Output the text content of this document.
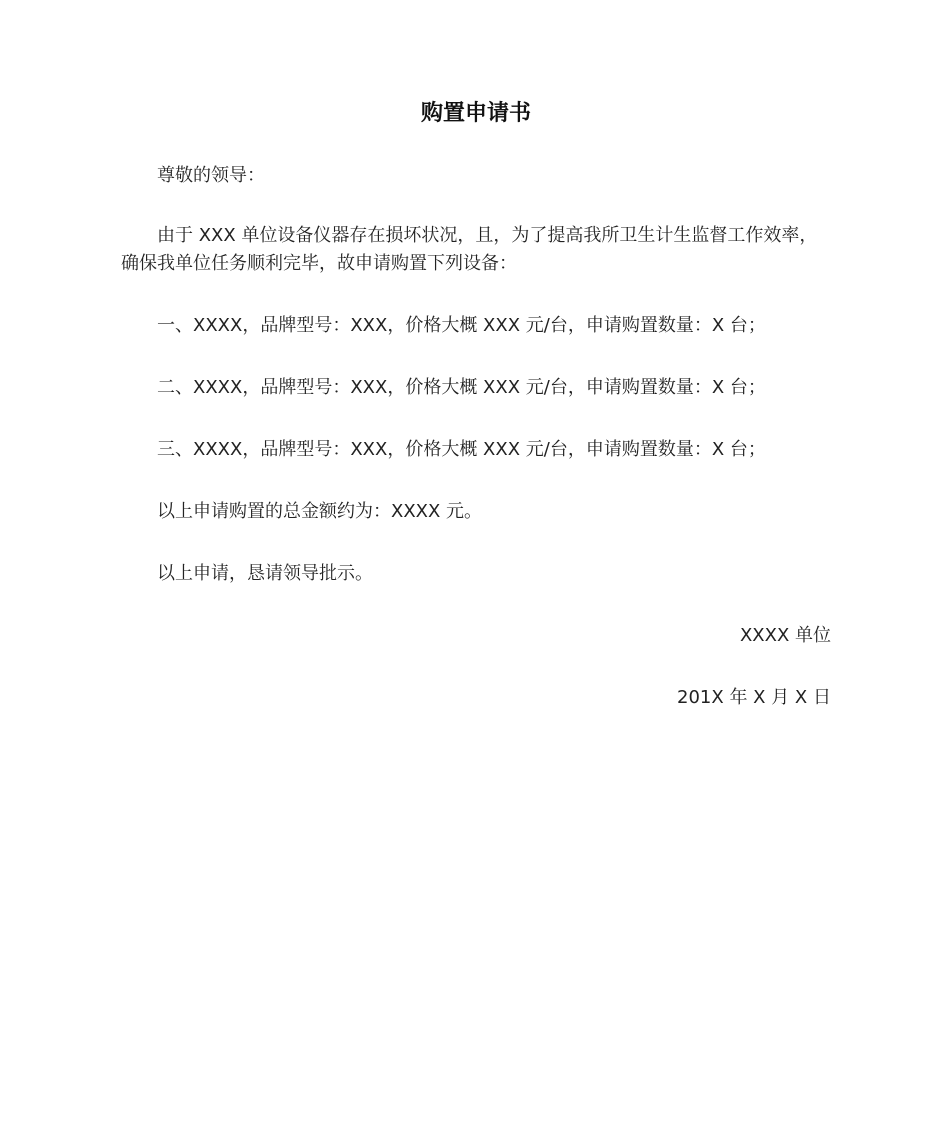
购置申请书
尊敬的领导：
由于 XXX 单位设备仪器存在损坏状况，且，为了提高我所卫生计生监督工作效率，
确保我单位任务顺利完毕，故申请购置下列设备：
一、XXXX，品牌型号：XXX，价格大概 XXX 元/台，申请购置数量：X 台；
二、XXXX，品牌型号：XXX，价格大概 XXX 元/台，申请购置数量：X 台；
三、XXXX，品牌型号：XXX，价格大概 XXX 元/台，申请购置数量：X 台；
以上申请购置的总金额约为：XXXX 元。
以上申请，恳请领导批示。
XXXX 单位
201X 年 X 月 X 日
